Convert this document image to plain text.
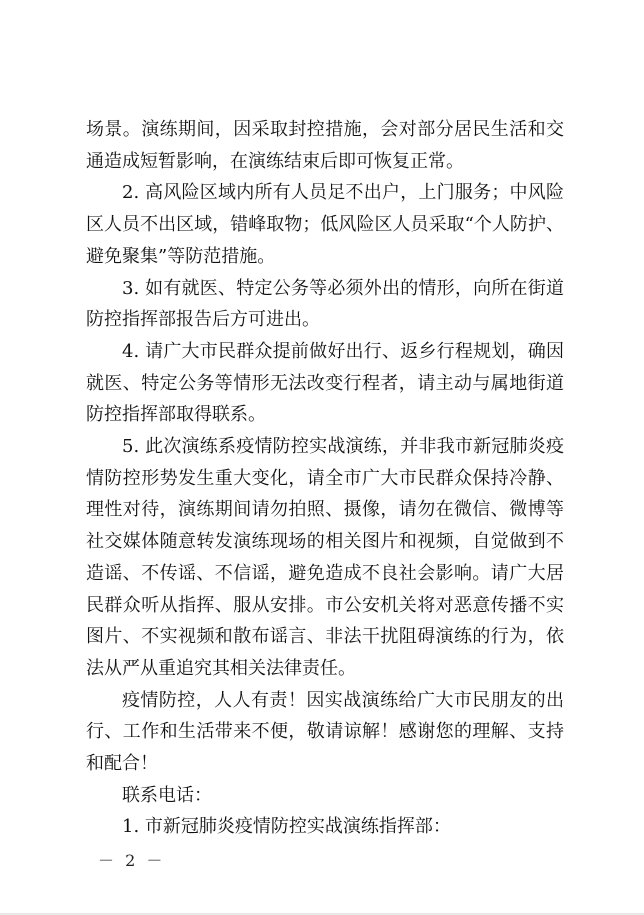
场景。演练期间，因采取封控措施，会对部分居民生活和交通造成短暂影响，在演练结束后即可恢复正常。

2. 高风险区域内所有人员足不出户，上门服务；中风险区人员不出区域，错峰取物；低风险区人员采取“个人防护、避免聚集”等防范措施。

3. 如有就医、特定公务等必须外出的情形，向所在街道防控指挥部报告后方可进出。

4. 请广大市民群众提前做好出行、返乡行程规划，确因就医、特定公务等情形无法改变行程者，请主动与属地街道防控指挥部取得联系。

5. 此次演练系疫情防控实战演练，并非我市新冠肺炎疫情防控形势发生重大变化，请全市广大市民群众保持冷静、理性对待，演练期间请勿拍照、摄像，请勿在微信、微博等社交媒体随意转发演练现场的相关图片和视频，自觉做到不造谣、不传谣、不信谣，避免造成不良社会影响。请广大居民群众听从指挥、服从安排。市公安机关将对恶意传播不实图片、不实视频和散布谣言、非法干扰阻碍演练的行为，依法从严从重追究其相关法律责任。

疫情防控，人人有责！因实战演练给广大市民朋友的出行、工作和生活带来不便，敬请谅解！感谢您的理解、支持和配合！

联系电话：

1. 市新冠肺炎疫情防控实战演练指挥部：

－ 2 －
